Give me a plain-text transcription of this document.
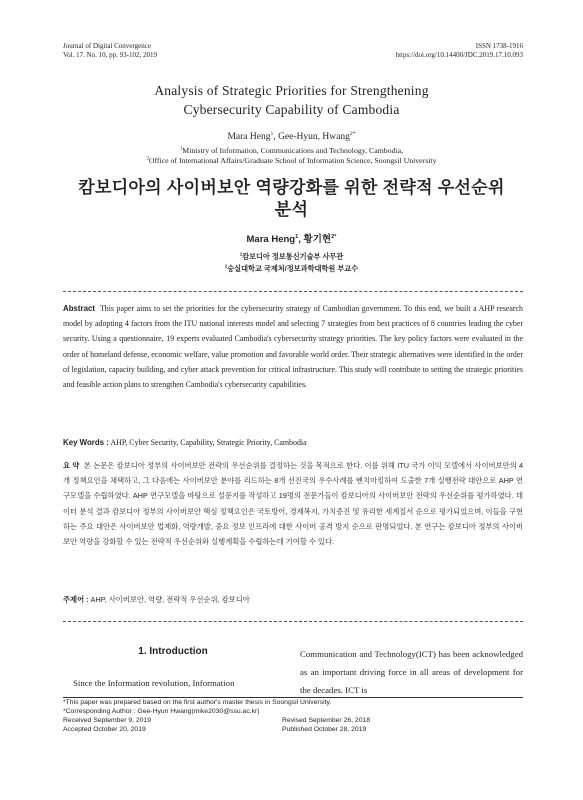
Journal of Digital Convergence
Vol. 17. No. 10, pp. 93-102, 2019
ISSN 1738-1916
https://doi.org/10.14400/JDC.2019.17.10.093
Analysis of Strategic Priorities for Strengthening
Cybersecurity Capability of Cambodia
Mara Heng$^1$, Gee-Hyun, Hwang$^{2*}$
$^1$Ministry of Information, Communications and Technology, Cambodia,
$^2$Office of International Affairs/Graduate School of Information Science, Soongsil University
캄보디아의 사이버보안 역량강화를 위한 전략적 우선순위
분석
Mara Heng$^1$, 황기현$^{2*}$
$^1$캄보디아 정보통신기술부 사무관
$^2$숭실대학교 국제처/정보과학대학원 부교수
Abstract This paper aims to set the priorities for the cybersecurity strategy of Cambodian government. To this end, we built a AHP research model by adopting 4 factors from the ITU national interests model and selecting 7 strategies from best practices of 8 countries leading the cyber security. Using a questionnaire, 19 experts evaluated Cambodia's cybersecurity strategy priorities. The key policy factors were evaluated in the order of homeland defense, economic welfare, value promotion and favorable world order. Their strategic alternatives were identified in the order of legislation, capacity building, and cyber attack prevention for critical infrastructure. This study will contribute to setting the strategic priorities and feasible action plans to strengthen Cambodia's cybersecurity capabilities.
Key Words : AHP, Cyber Security, Capability, Strategic Priority, Cambodia
요 약 본 논문은 캄보디아 정부의 사이버보안 전략의 우선순위를 결정하는 것을 목적으로 한다. 이를 위해 ITU 국가 이익 모델에서 사이버보안의 4개 정책요인을 채택하고, 그 다음에는 사이버보안 분야를 리드하는 8개 선진국의 우수사례를 벤치마킹하여 도출한 7개 실행전략 대안으로 AHP 연구모델을 수립하였다. AHP 연구모델을 바탕으로 설문지를 작성하고 19명의 전문가들이 캄보디아의 사이버보안 전략의 우선순위를 평가하였다. 데이터 분석 결과 캄보디아 정부의 사이버보안 핵심 정책요인은 국토방어, 경제복지, 가치증진 및 유리한 세계질서 순으로 평가되었으며, 이들을 구현하는 주요 대안은 사이버보안 법제화, 역량개발, 중요 정보 인프라에 대한 사이버 공격 방지 순으로 판명되었다. 본 연구는 캄보디아 정부의 사이버보안 역량을 강화할 수 있는 전략적 우선순위와 실행계획을 수립하는데 기여할 수 있다.
주제어 : AHP, 사이버보안, 역량, 전략적 우선순위, 캄보디아
1. Introduction
Since the Information revolution, Information
Communication and Technology(ICT) has been acknowledged as an important driving force in all areas of development for the decades. ICT is
*This paper was prepared based on the first author's master thesis in Soongsil University.
*Corresponding Author : Gee-Hyun Hwang(mike2030@ssu.ac.kr)
Received September 9, 2019	Revised September 26, 2018
Accepted October 20, 2019	Published October 28, 2019
